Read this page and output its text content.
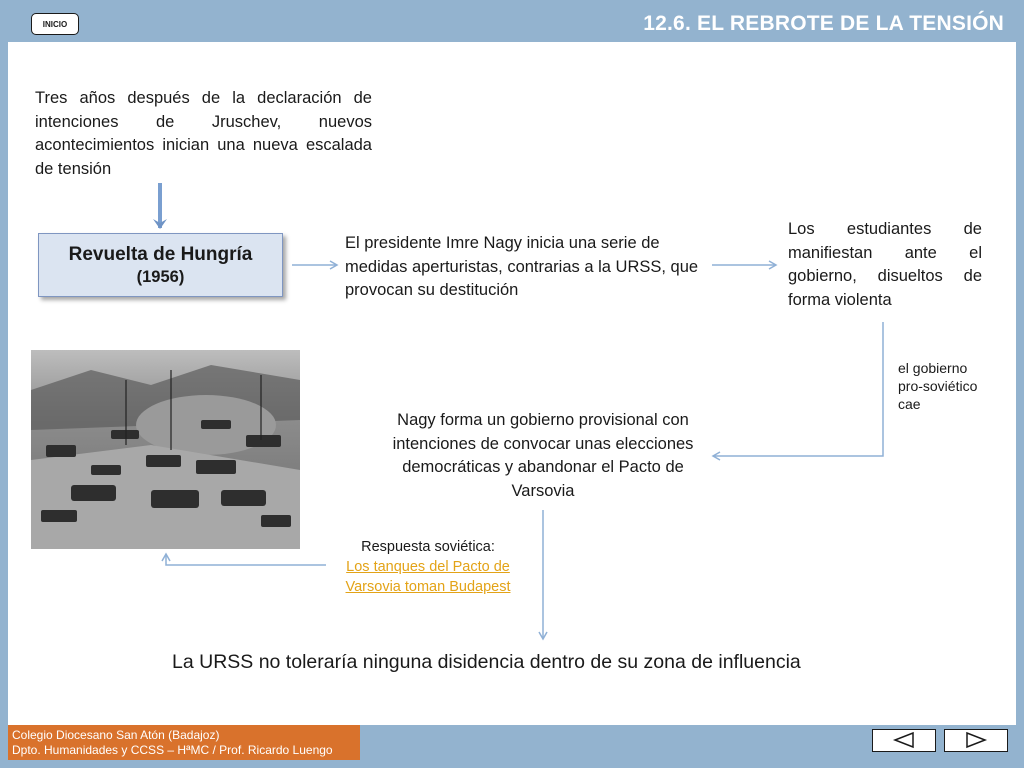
INICIO	12.6. EL REBROTE DE LA TENSIÓN
Tres años después de la declaración de intenciones de Jruschev, nuevos acontecimientos inician una nueva escalada de tensión
Revuelta de Hungría
(1956)
El presidente Imre Nagy inicia una serie de medidas aperturistas, contrarias a la URSS, que provocan su destitución
Los estudiantes de manifiestan ante el gobierno, disueltos de forma violenta
el gobierno
pro-soviético
cae
Nagy forma un gobierno provisional con intenciones de convocar unas elecciones democráticas y abandonar el Pacto de Varsovia
Respuesta soviética:
Los tanques del Pacto de
Varsovia toman Budapest
La URSS no toleraría ninguna disidencia dentro de su zona de influencia
Colegio Diocesano San Atón (Badajoz)
Dpto. Humanidades y CCSS – HªMC / Prof. Ricardo Luengo
